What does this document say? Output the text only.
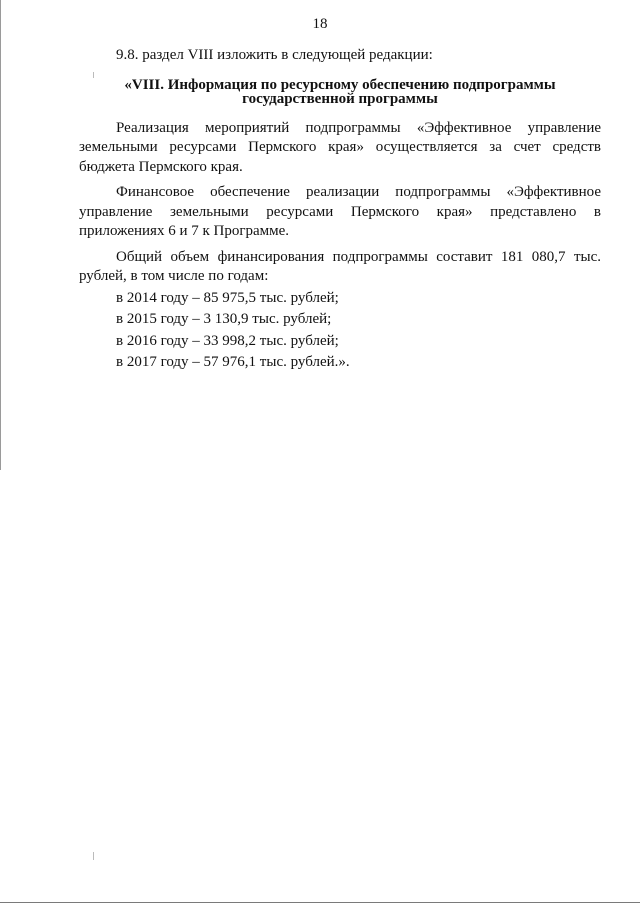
18

9.8. раздел VIII изложить в следующей редакции:

«VIII. Информация по ресурсному обеспечению подпрограммы
государственной программы

Реализация мероприятий подпрограммы «Эффективное управление земельными ресурсами Пермского края» осуществляется за счет средств бюджета Пермского края.

Финансовое обеспечение реализации подпрограммы «Эффективное управление земельными ресурсами Пермского края» представлено в приложениях 6 и 7 к Программе.

Общий объем финансирования подпрограммы составит 181 080,7 тыс. рублей, в том числе по годам:

в 2014 году – 85 975,5 тыс. рублей;
в 2015 году – 3 130,9 тыс. рублей;
в 2016 году – 33 998,2 тыс. рублей;
в 2017 году – 57 976,1 тыс. рублей.».
